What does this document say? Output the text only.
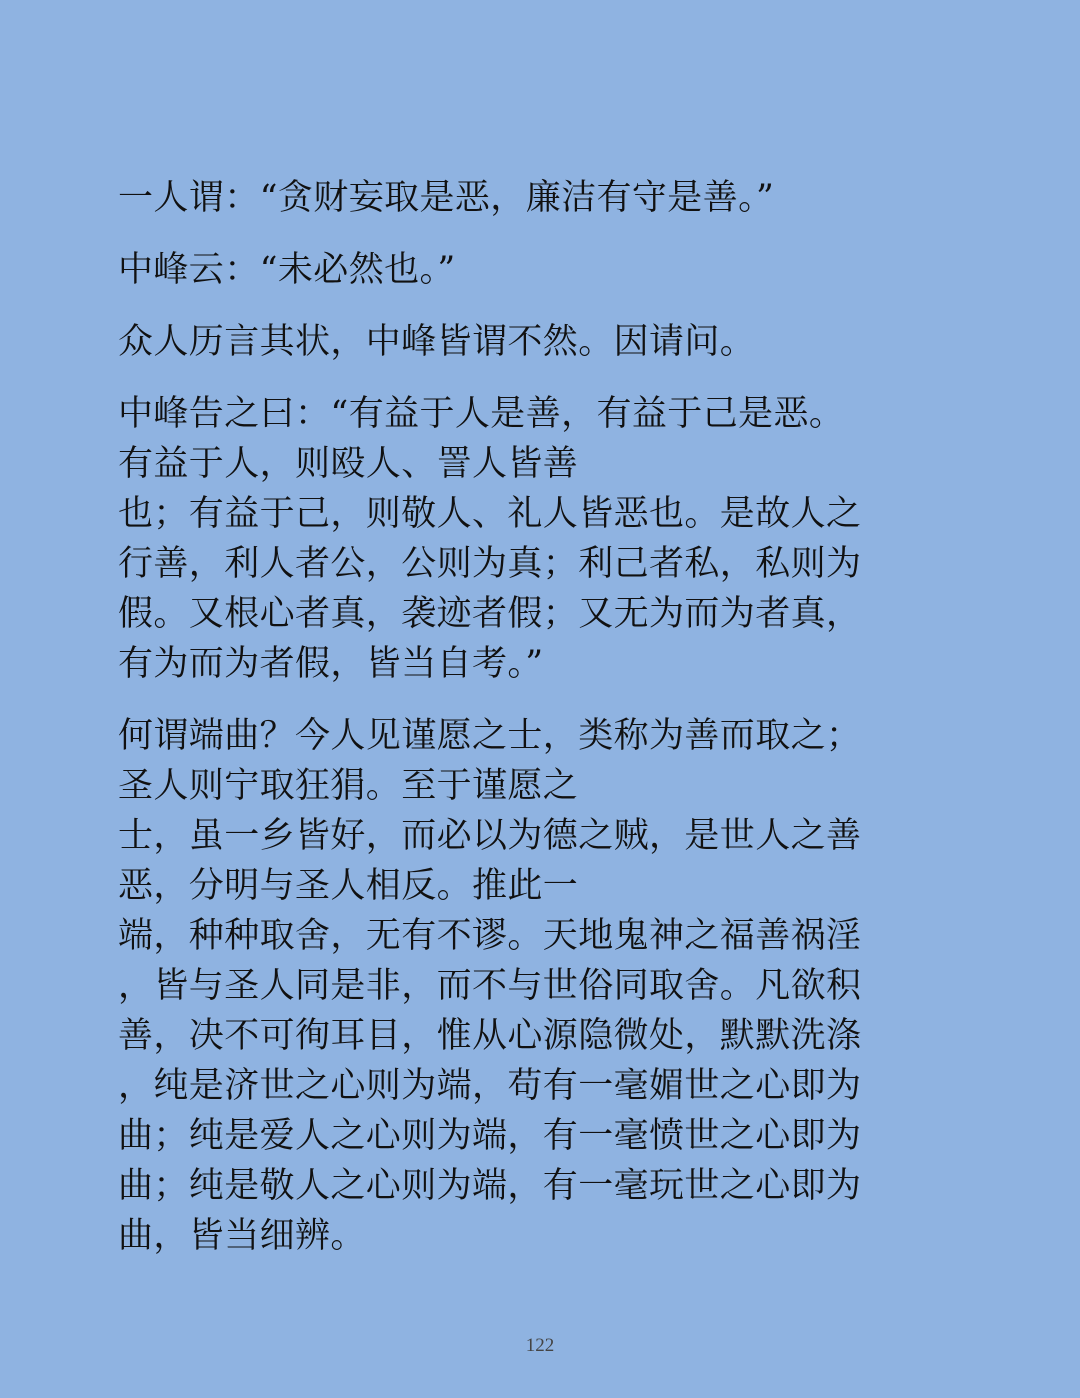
一人谓：“贪财妄取是恶，廉洁有守是善。”
中峰云：“未必然也。”
众人历言其状，中峰皆谓不然。因请问。
中峰告之曰：“有益于人是善，有益于己是恶。
有益于人，则殴人、詈人皆善
也；有益于己，则敬人、礼人皆恶也。是故人之
行善，利人者公，公则为真；利己者私，私则为
假。又根心者真，袭迹者假；又无为而为者真，
有为而为者假，皆当自考。”
何谓端曲？今人见谨愿之士，类称为善而取之；
圣人则宁取狂狷。至于谨愿之
士，虽一乡皆好，而必以为德之贼，是世人之善
恶，分明与圣人相反。推此一
端，种种取舍，无有不谬。天地鬼神之福善祸淫
，皆与圣人同是非，而不与世俗同取舍。凡欲积
善，决不可徇耳目，惟从心源隐微处，默默洗涤
，纯是济世之心则为端，苟有一毫媚世之心即为
曲；纯是爱人之心则为端，有一毫愤世之心即为
曲；纯是敬人之心则为端，有一毫玩世之心即为
曲，皆当细辨。
122
